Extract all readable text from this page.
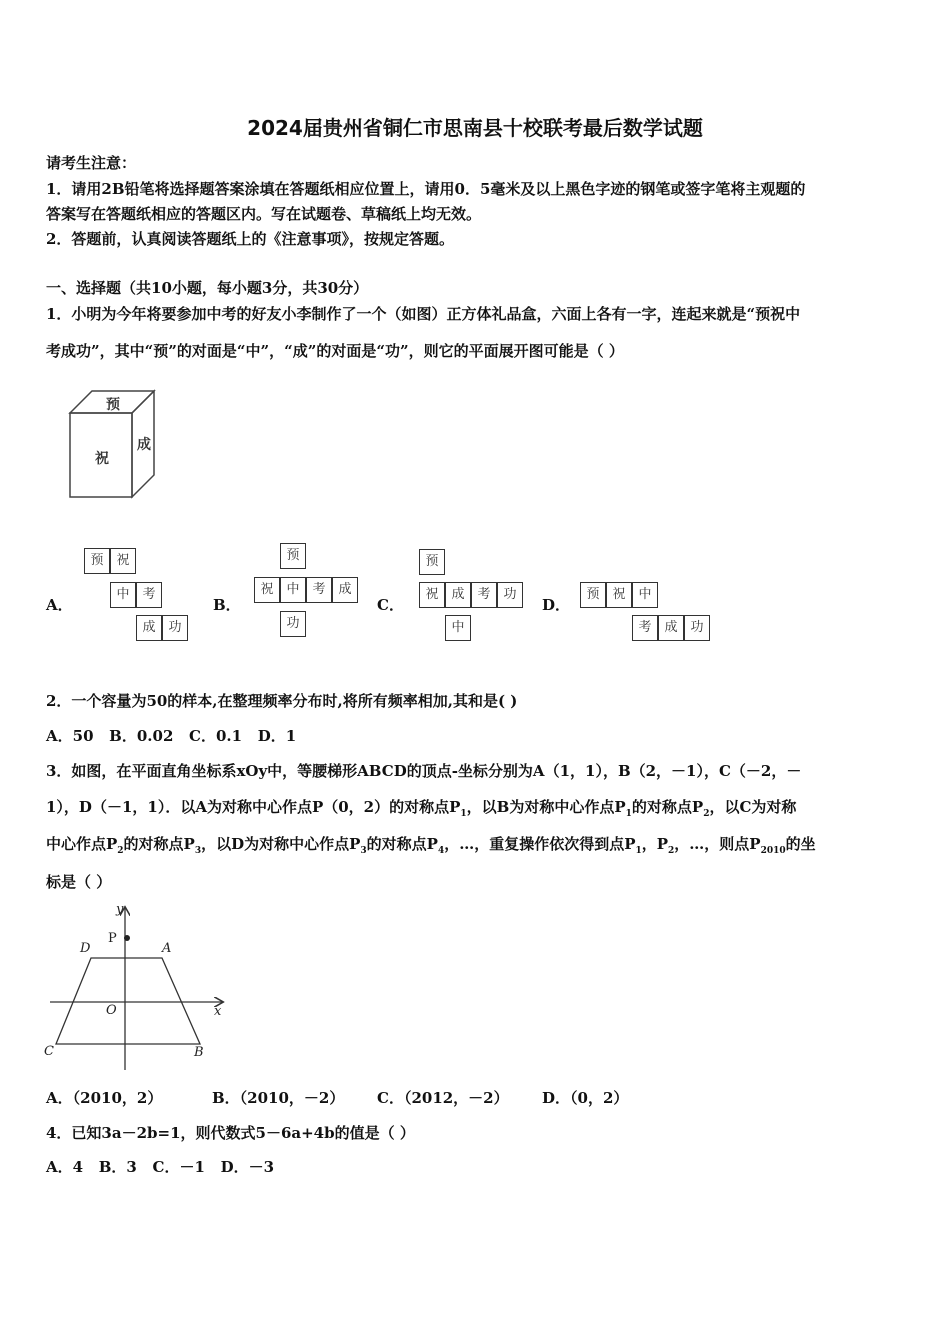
2024届贵州省铜仁市思南县十校联考最后数学试题
请考生注意：
1．请用2B铅笔将选择题答案涂填在答题纸相应位置上，请用0．5毫米及以上黑色字迹的钢笔或签字笔将主观题的
答案写在答题纸相应的答题区内。写在试题卷、草稿纸上均无效。
2．答题前，认真阅读答题纸上的《注意事项》，按规定答题。
一、选择题（共10小题，每小题3分，共30分）
1．小明为今年将要参加中考的好友小李制作了一个（如图）正方体礼品盒，六面上各有一字，连起来就是“预祝中
考成功”，其中“预”的对面是“中”，“成”的对面是“功”，则它的平面展开图可能是（ ）
预
祝
成
A．
预 祝
中 考
成 功
B．
预
祝 中 考 成
功
C．
预
祝 成 考 功
中
D．
预 祝 中
考 成 功
2．一个容量为50的样本,在整理频率分布时,将所有频率相加,其和是( )
A．50   B．0.02   C．0.1   D．1
3．如图，在平面直角坐标系xOy中，等腰梯形ABCD的顶点-坐标分别为A（1，1），B（2，－1），C（－2，－
1），D（－1，1）．以A为对称中心作点P（0，2）的对称点$P_1$，以B为对称中心作点$P_1$的对称点$P_2$，以C为对称
中心作点$P_2$的对称点$P_3$，以D为对称中心作点$P_3$的对称点$P_4$，…，重复操作依次得到点$P_1$，$P_2$，…，则点$P_{2010}$的坐
标是（ ）
y
x
D	A
O
C	B
P
A．（2010，2）	B．（2010，－2） C．（2012，－2） D．（0，2）
4．已知3a－2b=1，则代数式5－6a+4b的值是（ ）
A．4   B．3   C．－1   D．－3
